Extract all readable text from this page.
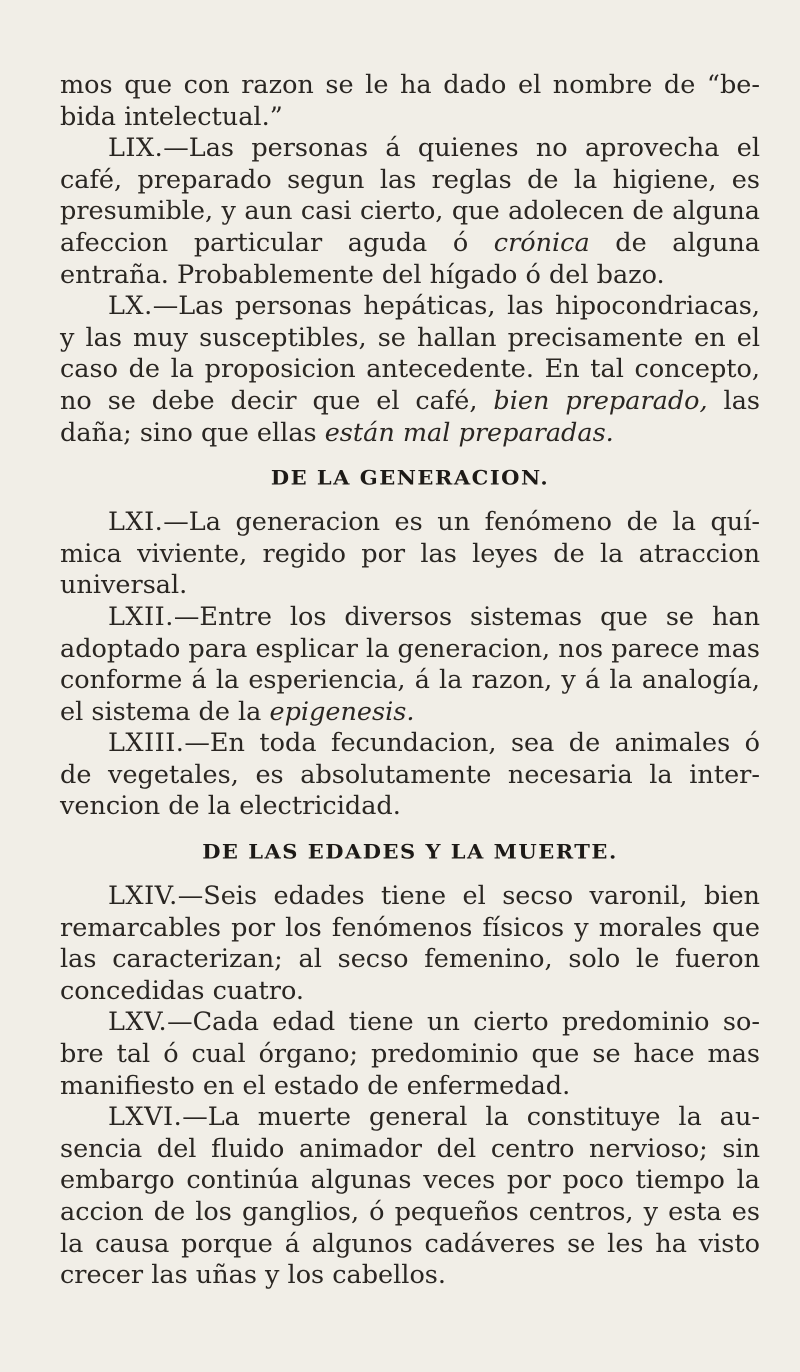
mos que con razon se le ha dado el nombre de “bebida intelectual.”

LIX.—Las personas á quienes no aprovecha el café, preparado segun las reglas de la higiene, es presumible, y aun casi cierto, que adolecen de alguna afeccion particular aguda ó crónica de alguna entraña. Probablemente del hígado ó del bazo.

LX.—Las personas hepáticas, las hipocondriacas, y las muy susceptibles, se hallan precisamente en el caso de la proposicion antecedente. En tal concepto, no se debe decir que el café, bien preparado, las daña; sino que ellas están mal preparadas.

DE LA GENERACION.

LXI.—La generacion es un fenómeno de la química viviente, regido por las leyes de la atraccion universal.

LXII.—Entre los diversos sistemas que se han adoptado para esplicar la generacion, nos parece mas conforme á la esperiencia, á la razon, y á la analogía, el sistema de la epigenesis.

LXIII.—En toda fecundacion, sea de animales ó de vegetales, es absolutamente necesaria la intervencion de la electricidad.

DE LAS EDADES Y LA MUERTE.

LXIV.—Seis edades tiene el secso varonil, bien remarcables por los fenómenos físicos y morales que las caracterizan; al secso femenino, solo le fueron concedidas cuatro.

LXV.—Cada edad tiene un cierto predominio sobre tal ó cual órgano; predominio que se hace mas manifiesto en el estado de enfermedad.

LXVI.—La muerte general la constituye la ausencia del fluido animador del centro nervioso; sin embargo continúa algunas veces por poco tiempo la accion de los ganglios, ó pequeños centros, y esta es la causa porque á algunos cadáveres se les ha visto crecer las uñas y los cabellos.
